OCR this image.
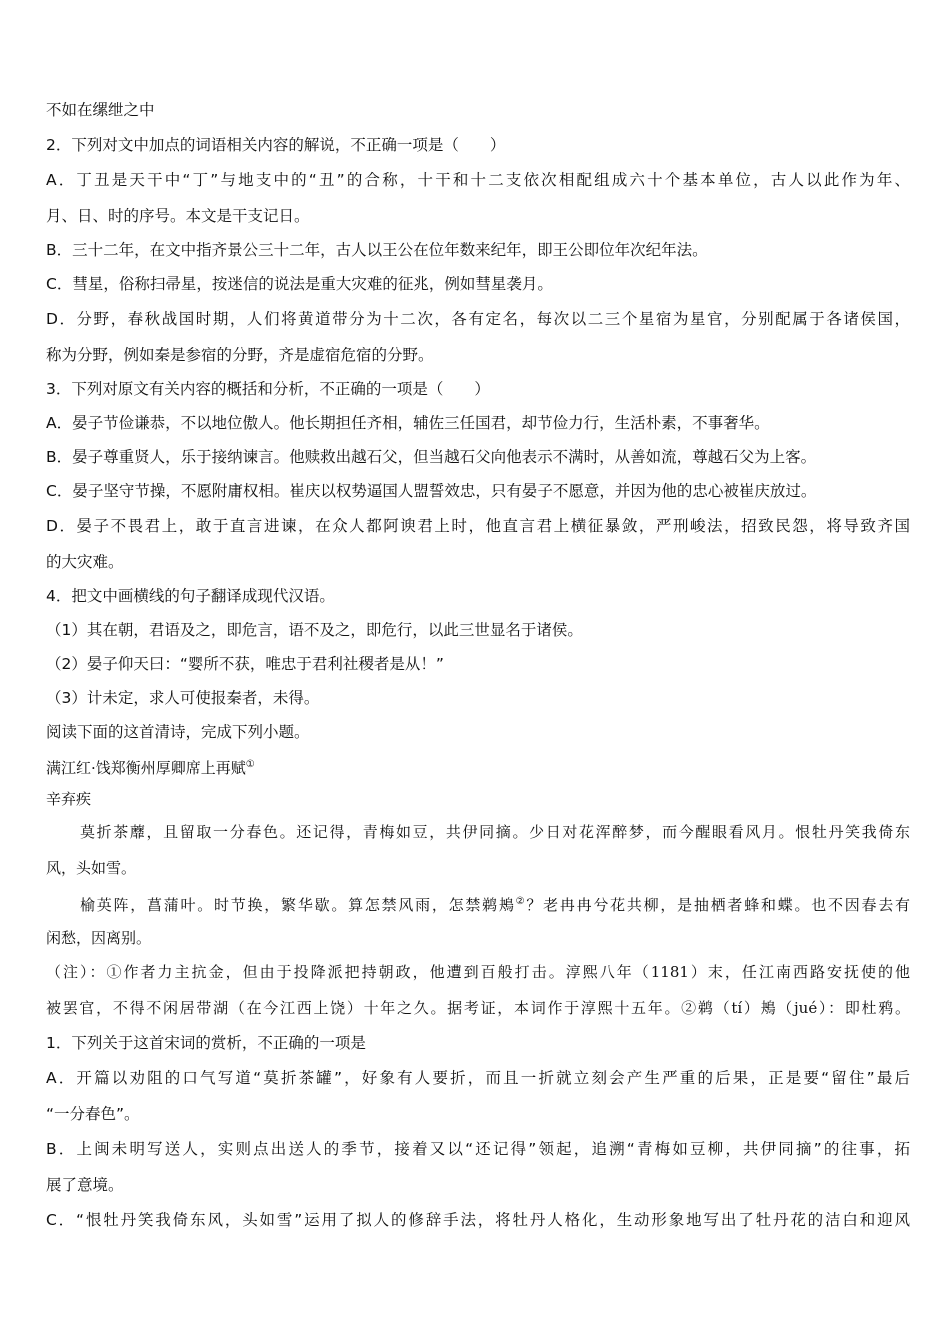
不如在缧绁之中
2．下列对文中加点的词语相关内容的解说，不正确一项是（　　）
A．丁丑是天干中“丁”与地支中的“丑”的合称，十干和十二支依次相配组成六十个基本单位，古人以此作为年、
月、日、时的序号。本文是干支记日。
B．三十二年，在文中指齐景公三十二年，古人以王公在位年数来纪年，即王公即位年次纪年法。
C．彗星，俗称扫帚星，按迷信的说法是重大灾难的征兆，例如彗星袭月。
D．分野，春秋战国时期，人们将黄道带分为十二次，各有定名，每次以二三个星宿为星官，分别配属于各诸侯国，
称为分野，例如秦是参宿的分野，齐是虚宿危宿的分野。
3．下列对原文有关内容的概括和分析，不正确的一项是（　　）
A．晏子节俭谦恭，不以地位傲人。他长期担任齐相，辅佐三任国君，却节俭力行，生活朴素，不事奢华。
B．晏子尊重贤人，乐于接纳谏言。他赎救出越石父，但当越石父向他表示不满时，从善如流，尊越石父为上客。
C．晏子坚守节操，不愿附庸权相。崔庆以权势逼国人盟誓效忠，只有晏子不愿意，并因为他的忠心被崔庆放过。
D．晏子不畏君上，敢于直言进谏，在众人都阿谀君上时，他直言君上横征暴敛，严刑峻法，招致民怨，将导致齐国
的大灾难。
4．把文中画横线的句子翻译成现代汉语。
（1）其在朝，君语及之，即危言，语不及之，即危行，以此三世显名于诸侯。
（2）晏子仰天曰：“婴所不获，唯忠于君利社稷者是从！”
（3）计未定，求人可使报秦者，未得。
阅读下面的这首清诗，完成下列小题。
满江红·饯郑衡州厚卿席上再赋①
辛弃疾
莫折茶蘼，且留取一分春色。还记得，青梅如豆，共伊同摘。少日对花浑醉梦，而今醒眼看风月。恨牡丹笑我倚东
风，头如雪。
榆英阵，菖蒲叶。时节换，繁华歇。算怎禁风雨，怎禁鹈鴂②？老冉冉兮花共柳，是抽栖者蜂和蝶。也不因春去有
闲愁，因离别。
（注）：①作者力主抗金，但由于投降派把持朝政，他遭到百般打击。淳熙八年（1181）末，任江南西路安抚使的他
被罢官，不得不闲居带湖（在今江西上饶）十年之久。据考证，本词作于淳熙十五年。②鹈（tí）鴂（jué）：即杜鸦。
1．下列关于这首宋词的赏析，不正确的一项是
A．开篇以劝阻的口气写道“莫折茶罐”，好象有人要折，而且一折就立刻会产生严重的后果，正是要“留住”最后
“一分春色”。
B．上闽未明写送人，实则点出送人的季节，接着又以“还记得”领起，追溯“青梅如豆柳，共伊同摘”的往事，拓
展了意境。
C．“恨牡丹笑我倚东风，头如雪”运用了拟人的修辞手法，将牡丹人格化，生动形象地写出了牡丹花的洁白和迎风
